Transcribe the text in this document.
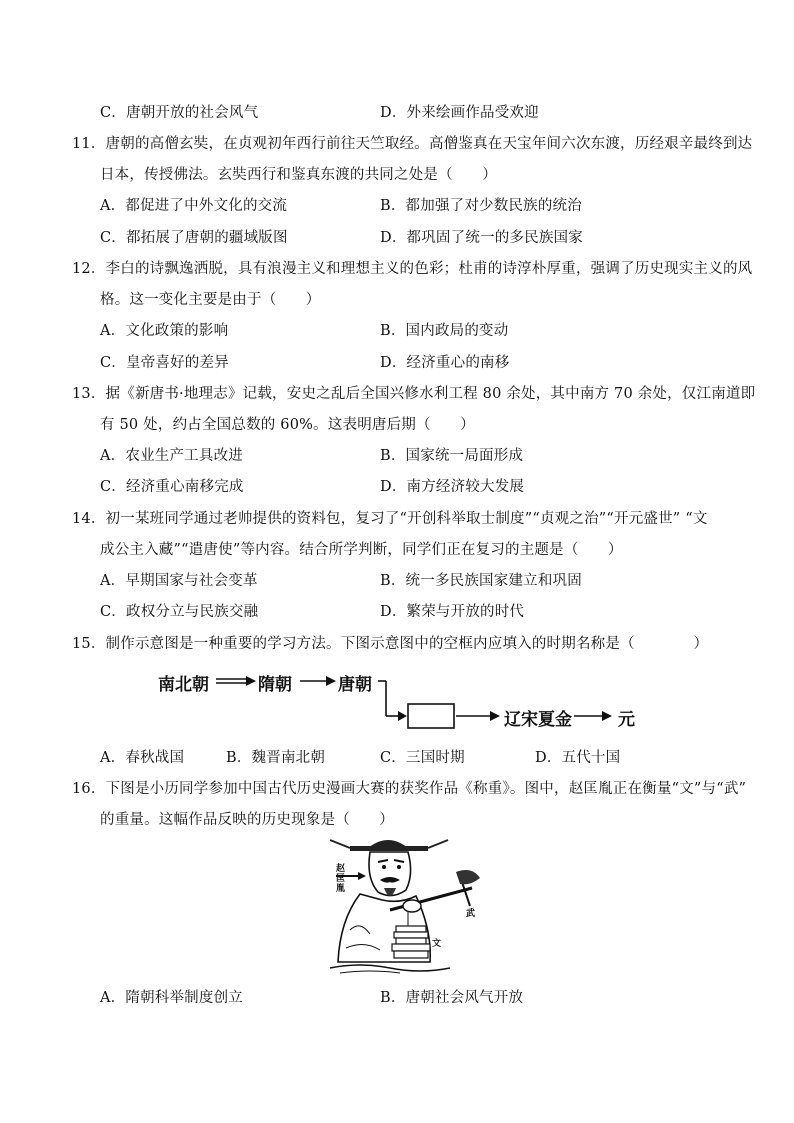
C．唐朝开放的社会风气	D．外来绘画作品受欢迎
11．唐朝的高僧玄奘，在贞观初年西行前往天竺取经。高僧鉴真在天宝年间六次东渡，历经艰辛最终到达
日本，传授佛法。玄奘西行和鉴真东渡的共同之处是（　　）
A．都促进了中外文化的交流	B．都加强了对少数民族的统治
C．都拓展了唐朝的疆域版图	D．都巩固了统一的多民族国家
12．李白的诗飘逸洒脱，具有浪漫主义和理想主义的色彩；杜甫的诗淳朴厚重，强调了历史现实主义的风
格。这一变化主要是由于（　　）
A．文化政策的影响	B．国内政局的变动
C．皇帝喜好的差异	D．经济重心的南移
13．据《新唐书·地理志》记载，安史之乱后全国兴修水利工程 80 余处，其中南方 70 余处，仅江南道即
有 50 处，约占全国总数的 60%。这表明唐后期（　　）
A．农业生产工具改进	B．国家统一局面形成
C．经济重心南移完成	D．南方经济较大发展
14．初一某班同学通过老帅提供的资料包，复习了“开创科举取士制度”“贞观之治”“开元盛世” “文
成公主入藏”“遣唐使”等内容。结合所学判断，同学们正在复习的主题是（　　）
A．早期国家与社会变革	B．统一多民族国家建立和巩固
C．政权分立与民族交融	D．繁荣与开放的时代
15．制作示意图是一种重要的学习方法。下图示意图中的空框内应填入的时期名称是（　　　　）
南北朝	隋朝	唐朝
辽宋夏金	元
A．春秋战国	B．魏晋南北朝	C．三国时期	D．五代十国
16．下图是小历同学参加中国古代历史漫画大赛的获奖作品《称重》。图中，赵匡胤正在衡量“文”与“武”
的重量。这幅作品反映的历史现象是（　　）
赵匡胤
武
文
A．隋朝科举制度创立	B．唐朝社会风气开放
